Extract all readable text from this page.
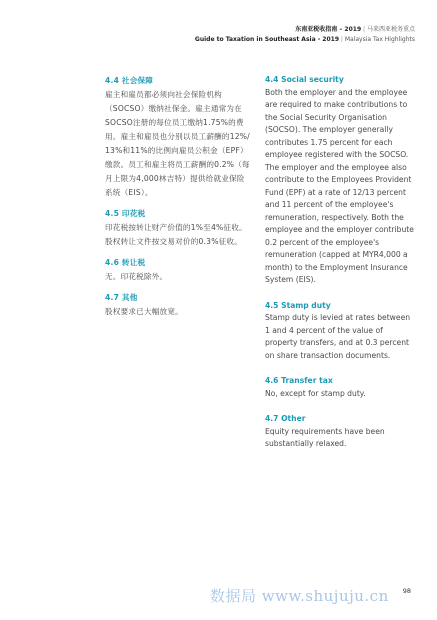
东南亚税收指南 – 2019 | 马来西亚税务重点
Guide to Taxation in Southeast Asia - 2019 | Malaysia Tax Highlights

4.4 社会保障

雇主和雇员都必须向社会保险机构（SOCSO）缴纳社保金。雇主通常为在SOCSO注册的每位员工缴纳1.75%的费用。雇主和雇员也分别以员工薪酬的12%/ 13%和11%的比例向雇员公积金（EPF）缴款。员工和雇主将员工薪酬的0.2%（每月上限为4,000林吉特）提供给就业保险系统（EIS）。

4.5 印花税

印花税按转让财产价值的1%至4%征收。股权转让文件按交易对价的0.3%征收。

4.6 转让税

无。印花税除外。

4.7 其他

股权要求已大幅放宽。

4.4 Social security

Both the employer and the employee are required to make contributions to the Social Security Organisation (SOCSO). The employer generally contributes 1.75 percent for each employee registered with the SOCSO. The employer and the employee also contribute to the Employees Provident Fund (EPF) at a rate of 12/13 percent and 11 percent of the employee's remuneration, respectively. Both the employee and the employer contribute 0.2 percent of the employee's remuneration (capped at MYR4,000 a month) to the Employment Insurance System (EIS).

4.5 Stamp duty

Stamp duty is levied at rates between 1 and 4 percent of the value of property transfers, and at 0.3 percent on share transaction documents.

4.6 Transfer tax

No, except for stamp duty.

4.7 Other

Equity requirements have been substantially relaxed.

数据局 www.shujuju.cn 98
